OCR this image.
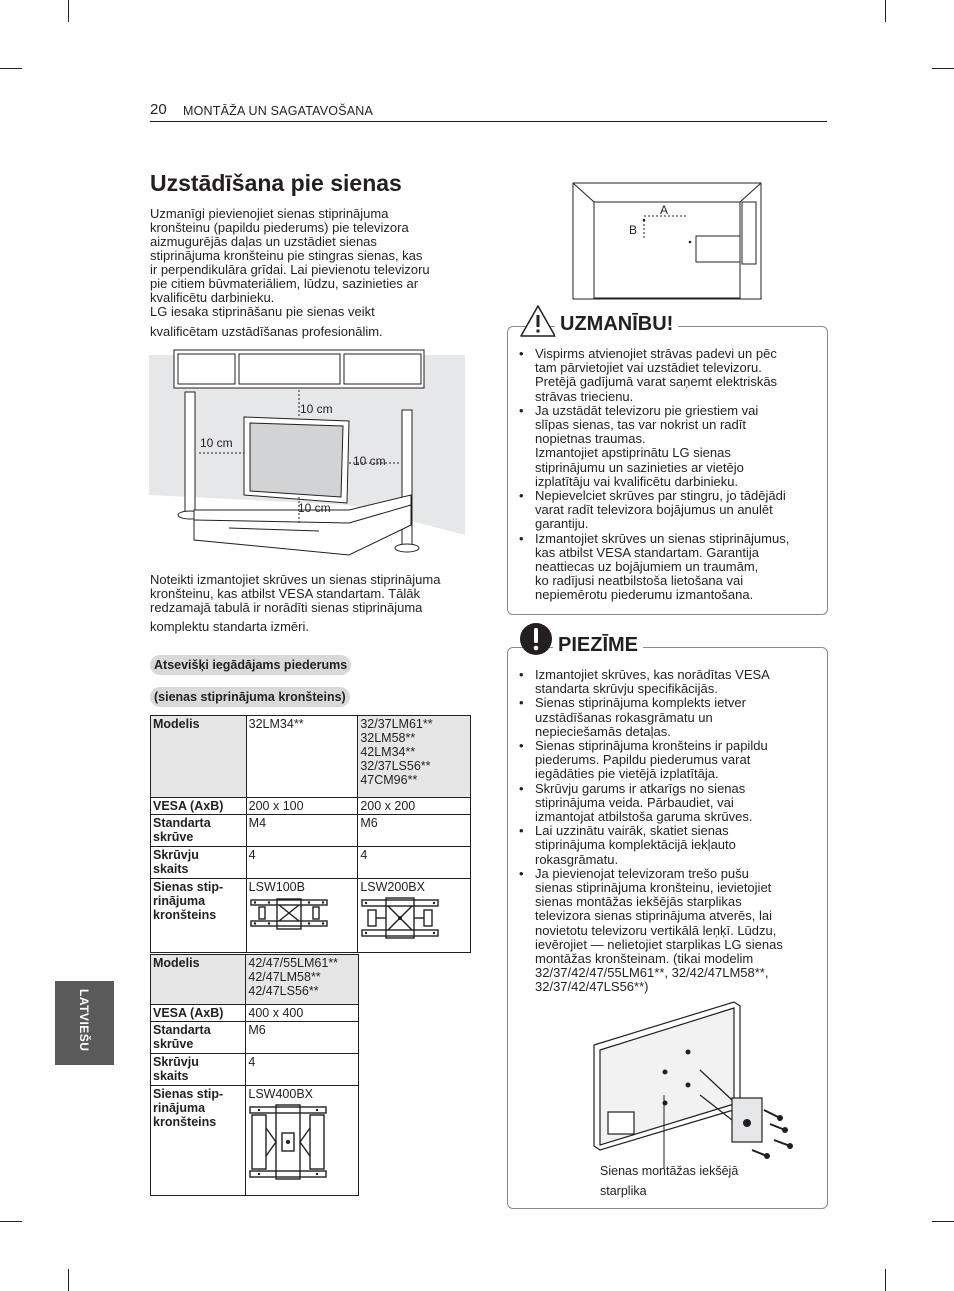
20 MONTĀŽA UN SAGATAVOŠANA
LATVIEŠU
Uzstādīšana pie sienas
Uzmanīgi pievienojiet sienas stiprinājuma
kronšteinu (papildu piederums) pie televizora
aizmugurējās daļas un uzstādiet sienas
stiprinājuma kronšteinu pie stingras sienas, kas
ir perpendikulāra grīdai. Lai pievienotu televizoru
pie citiem būvmateriāliem, lūdzu, sazinieties ar
kvalificētu darbinieku.
LG iesaka stiprināšanu pie sienas veikt
kvalificētam uzstādīšanas profesionālim.
10 cm
10 cm
10 cm
10 cm
Noteikti izmantojiet skrūves un sienas stiprinājuma
kronšteinu, kas atbilst VESA standartam. Tālāk
redzamajā tabulā ir norādīti sienas stiprinājuma
komplektu standarta izmēri.
Atsevišķi iegādājams piederums
(sienas stiprinājuma kronšteins)
Modelis	32LM34**	32/37LM61**
32LM58**
42LM34**
32/37LS56**
47CM96**
VESA (AxB)	200 x 100	200 x 200
Standarta
skrūve	M4	M6
Skrūvju
skaits	4	4
Sienas stip-
rinājuma
kronšteins	LSW100B	LSW200BX
Modelis	42/47/55LM61**
42/47LM58**
42/47LS56**
VESA (AxB)	400 x 400
Standarta
skrūve	M6
Skrūvju
skaits	4
Sienas stip-
rinājuma
kronšteins	LSW400BX
A
B
UZMANĪBU!
• Vispirms atvienojiet strāvas padevi un pēc
tam pārvietojiet vai uzstādiet televizoru.
Pretējā gadījumā varat saņemt elektriskās
strāvas triecienu.
• Ja uzstādāt televizoru pie griestiem vai
slīpas sienas, tas var nokrist un radīt
nopietnas traumas.
Izmantojiet apstiprinātu LG sienas
stiprinājumu un sazinieties ar vietējo
izplatītāju vai kvalificētu darbinieku.
• Nepievelciet skrūves par stingru, jo tādējādi
varat radīt televizora bojājumus un anulēt
garantiju.
• Izmantojiet skrūves un sienas stiprinājumus,
kas atbilst VESA standartam. Garantija
neattiecas uz bojājumiem un traumām,
ko radījusi neatbilstoša lietošana vai
nepiemērotu piederumu izmantošana.
PIEZĪME
• Izmantojiet skrūves, kas norādītas VESA
standarta skrūvju specifikācijās.
• Sienas stiprinājuma komplekts ietver
uzstādīšanas rokasgrāmatu un
nepieciešamās detaļas.
• Sienas stiprinājuma kronšteins ir papildu
piederums. Papildu piederumus varat
iegādāties pie vietējā izplatītāja.
• Skrūvju garums ir atkarīgs no sienas
stiprinājuma veida. Pārbaudiet, vai
izmantojat atbilstoša garuma skrūves.
• Lai uzzinātu vairāk, skatiet sienas
stiprinājuma komplektācijā iekļauto
rokasgrāmatu.
• Ja pievienojat televizoram trešo pušu
sienas stiprinājuma kronšteinu, ievietojiet
sienas montāžas iekšējās starplikas
televizora sienas stiprinājuma atverēs, lai
novietotu televizoru vertikālā leņķī. Lūdzu,
ievērojiet — nelietojiet starplikas LG sienas
montāžas kronšteinam. (tikai modelim
32/37/42/47/55LM61**, 32/42/47LM58**,
32/37/42/47LS56**)
Sienas montāžas iekšējā
starplika
